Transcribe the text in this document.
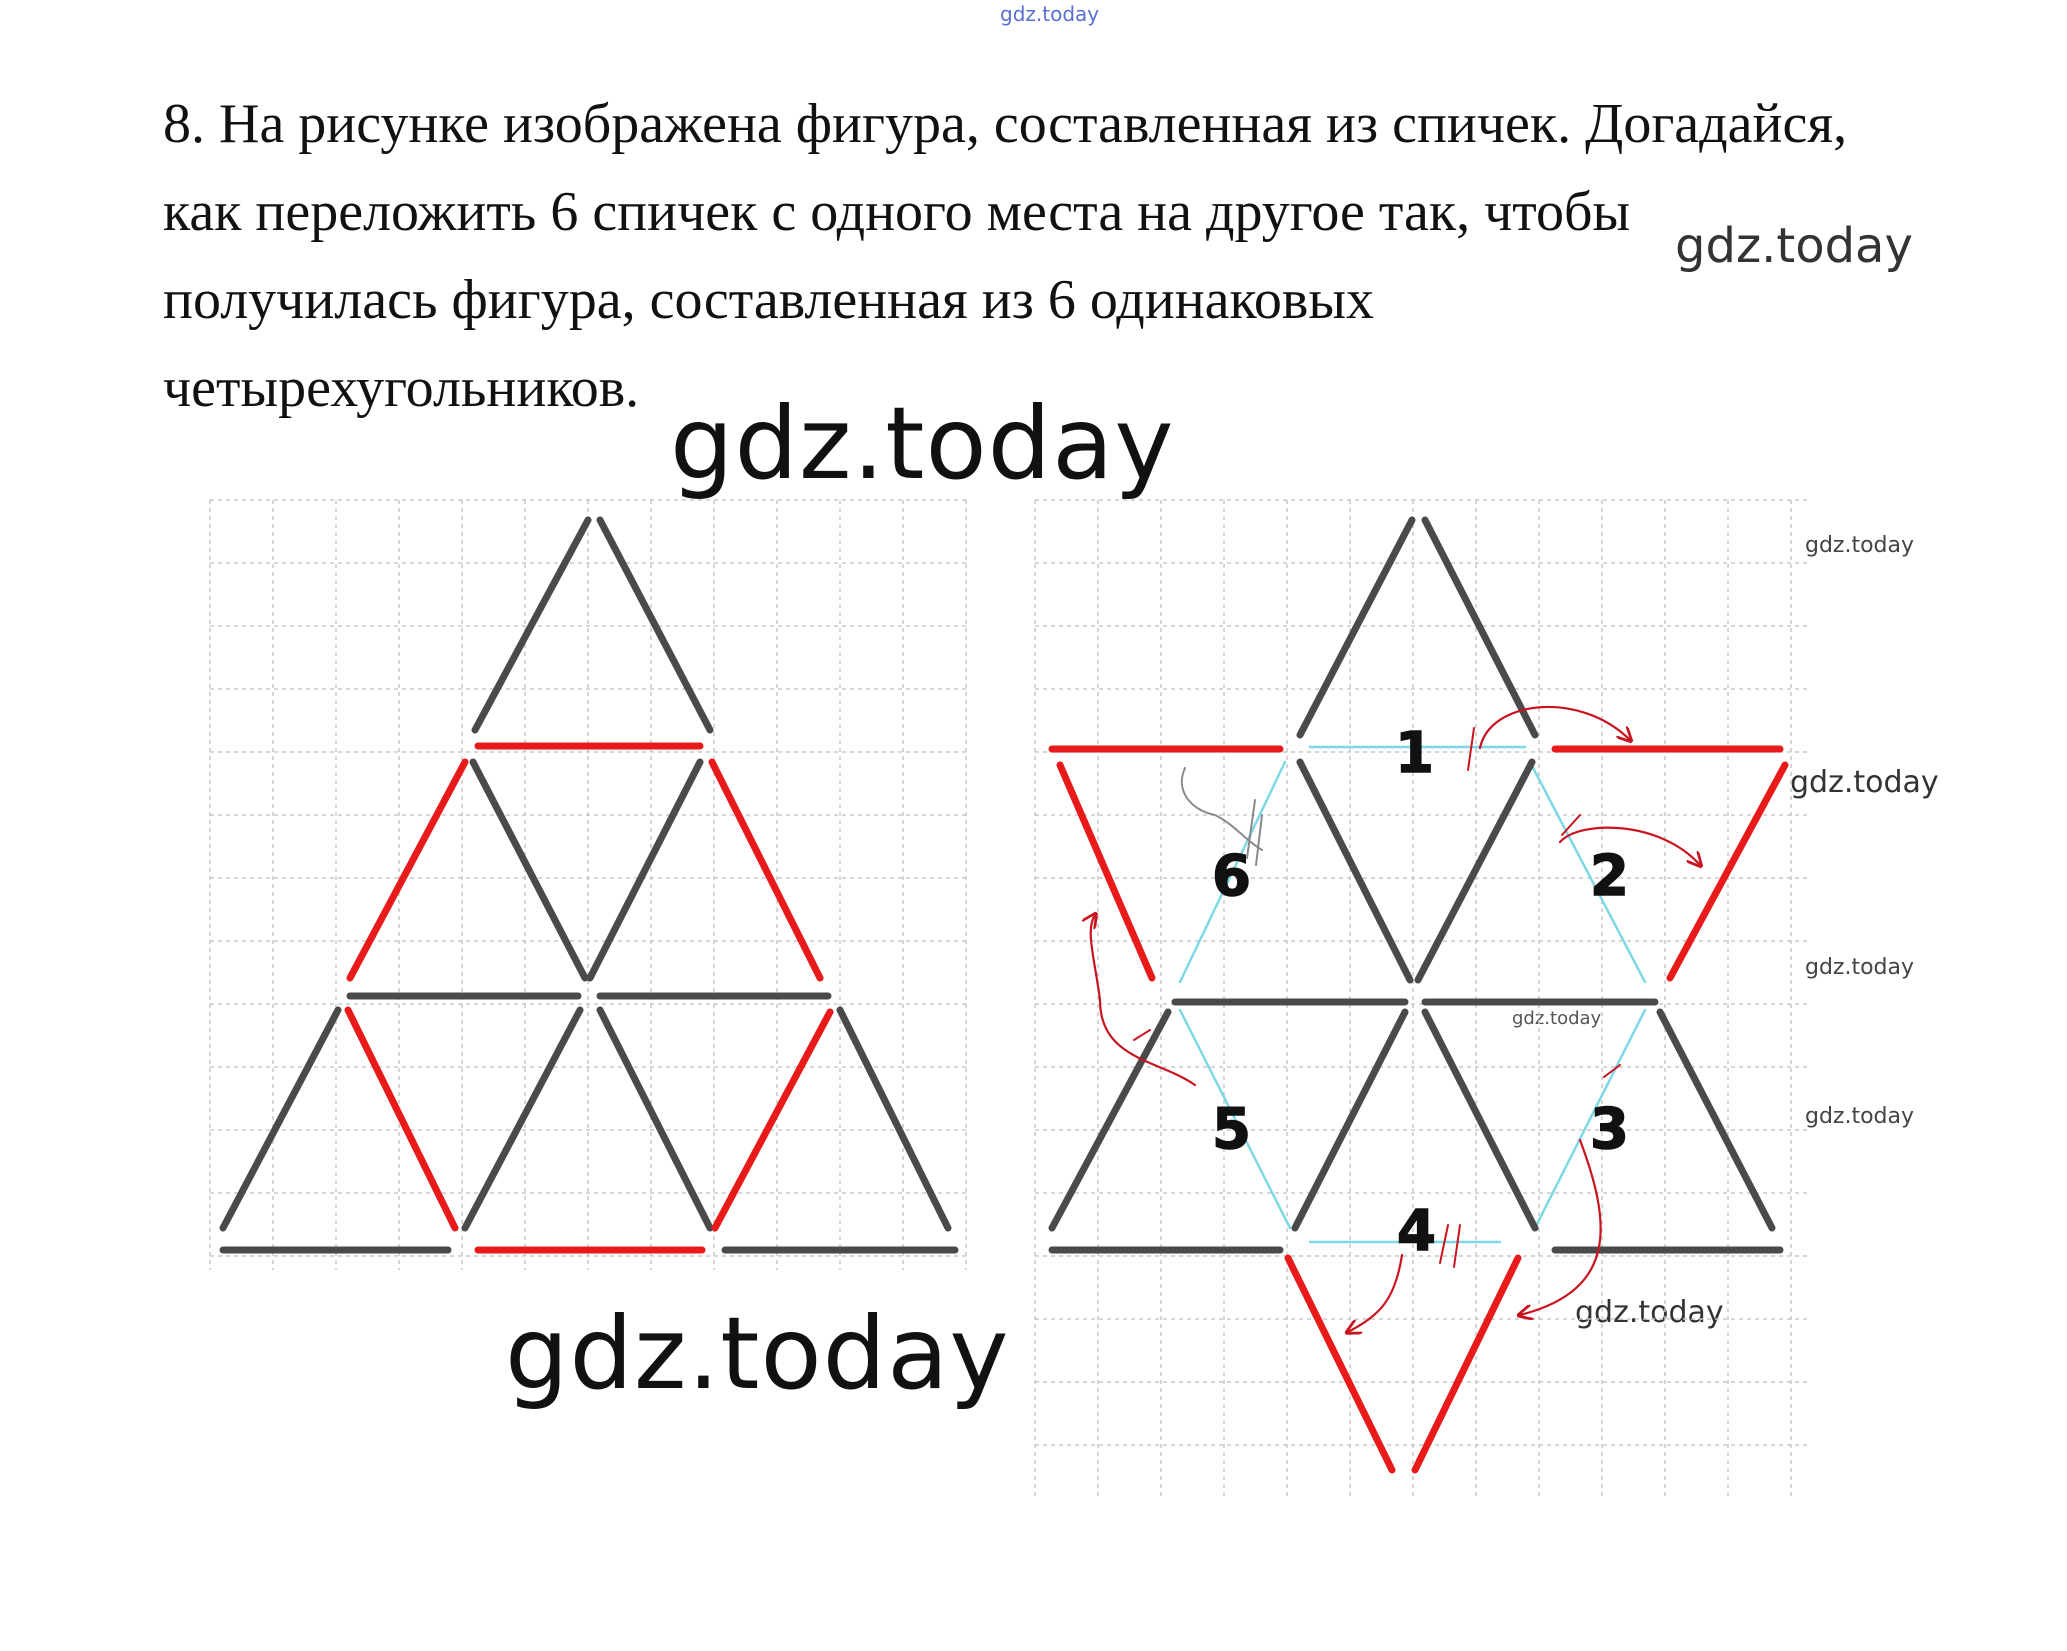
gdz.today

8. На рисунке изображена фигура, составленная из спичек. Догадайся,

как переложить 6 спичек с одного места на другое так, чтобы

получилась фигура, составленная из 6 одинаковых

четырехугольников.

gdz.today
gdz.today
gdz.today
gdz.today
gdz.today
gdz.today
gdz.today
gdz.today
gdz.today
1
2
3
4
5
6
